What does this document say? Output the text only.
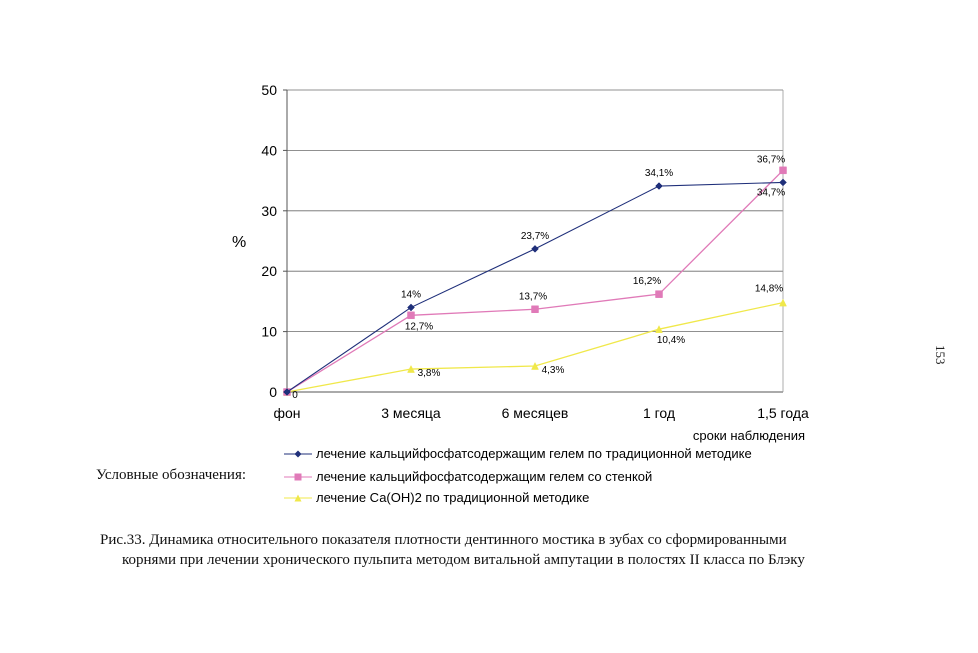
0
10
20
30
40
50
фон	3 месяца	6 месяцев	1 год	1,5 года
3,8%	4,3%
10,4%
14,8%
12,7%
13,7%
16,2%
36,7%
0
14%
23,7%
34,1%
34,7%
%
сроки наблюдения
лечение кальцийфосфатсодержащим гелем по традиционной методике
лечение кальцийфосфатсодержащим гелем со стенкой
лечение Са(ОН)2 по традиционной методике
Условные обозначения:
Рис.33. Динамика относительного показателя плотности дентинного мостика в зубах со сформированными
корнями при лечении хронического пульпита методом витальной ампутации в полостях II класса по Блэку
153
